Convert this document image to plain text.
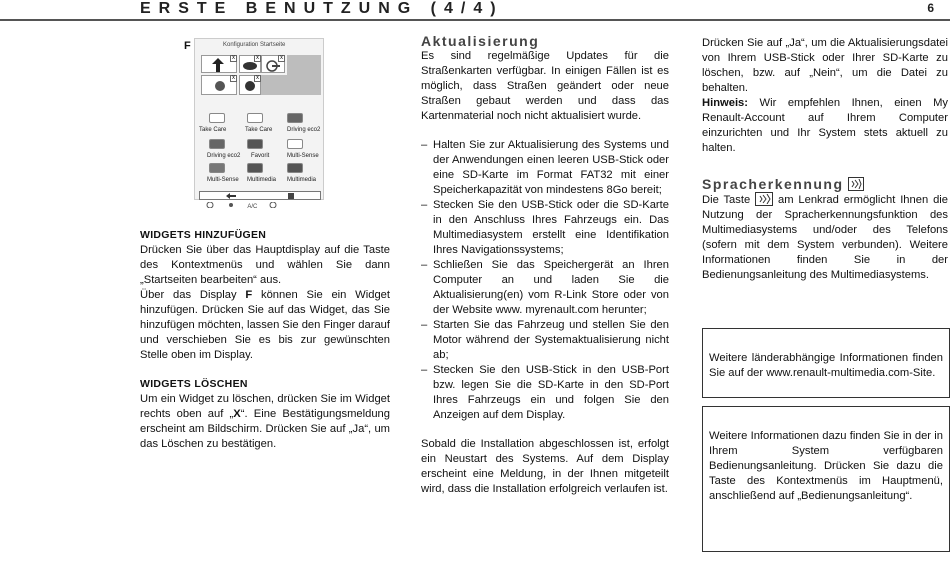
ERSTE BENUTZUNG (4/4)	6
F	Konfiguration Startseite
x	x	x
x	x
Take Care	Take Care Driving eco2
Driving eco2 Favorit	Multi-Sense
Multi-Sense Multimedia Multimedia
A/C
WIDGETS HINZUFÜGEN

Drücken Sie über das Hauptdisplay auf die Taste des Kontextmenüs und wählen Sie dann „Startseiten bearbeiten“ aus.

Über das Display F können Sie ein Widget hinzufügen. Drücken Sie auf das Widget, das Sie hinzufügen möchten, lassen Sie den Finger darauf und verschieben Sie es bis zur gewünschten Stelle oben im Display.

WIDGETS LÖSCHEN

Um ein Widget zu löschen, drücken Sie im Widget rechts oben auf „X“. Eine Bestätigungsmeldung erscheint am Bildschirm. Drücken Sie auf „Ja“, um das Löschen zu bestätigen.

Aktualisierung

Es sind regelmäßige Updates für die Straßenkarten verfügbar. In einigen Fällen ist es möglich, dass Straßen geändert oder neue Straßen gebaut werden und dass das Kartenmaterial noch nicht aktualisiert wurde.

– Halten Sie zur Aktualisierung des Systems und der Anwendungen einen leeren USB-Stick oder eine SD-Karte im Format FAT32 mit einer Speicherkapazität von mindestens 8Go bereit;
– Stecken Sie den USB-Stick oder die SD-Karte in den Anschluss Ihres Fahrzeugs ein. Das Multimediasystem erstellt eine Identifikation Ihres Navigationssystems;
– Schließen Sie das Speichergerät an Ihren Computer an und laden Sie die Aktualisierung(en) vom R-Link Store oder von der Website www. myrenault.com herunter;
– Starten Sie das Fahrzeug und stellen Sie den Motor während der Systemaktualisierung nicht ab;
– Stecken Sie den USB-Stick in den USB-Port bzw. legen Sie die SD-Karte in den SD-Port Ihres Fahrzeugs ein und folgen Sie den Anzeigen auf dem Display.

Sobald die Installation abgeschlossen ist, erfolgt ein Neustart des Systems. Auf dem Display erscheint eine Meldung, in der Ihnen mitgeteilt wird, dass die Installation erfolgreich verlaufen ist.

Drücken Sie auf „Ja“, um die Aktualisierungsdatei von Ihrem USB-Stick oder Ihrer SD-Karte zu löschen, bzw. auf „Nein“, um die Datei zu behalten.

Hinweis: Wir empfehlen Ihnen, einen My Renault-Account auf Ihrem Computer einzurichten und Ihr System stets aktuell zu halten.

Spracherkennung

Die Taste
am Lenkrad ermöglicht Ihnen die Nutzung der Spracherkennungsfunktion des Multimediasystems und/oder des Telefons (sofern mit dem System verbunden). Weitere Informationen finden Sie in der Bedienungsanleitung des Multimediasystems.

Weitere länderabhängige Informationen finden Sie auf der www.renault-multimedia.com-Site.

Weitere Informationen dazu finden Sie in der in Ihrem System verfügbaren Bedienungsanleitung. Drücken Sie dazu die Taste des Kontextmenüs im Hauptmenü, anschließend auf „Bedienungsanleitung“.
